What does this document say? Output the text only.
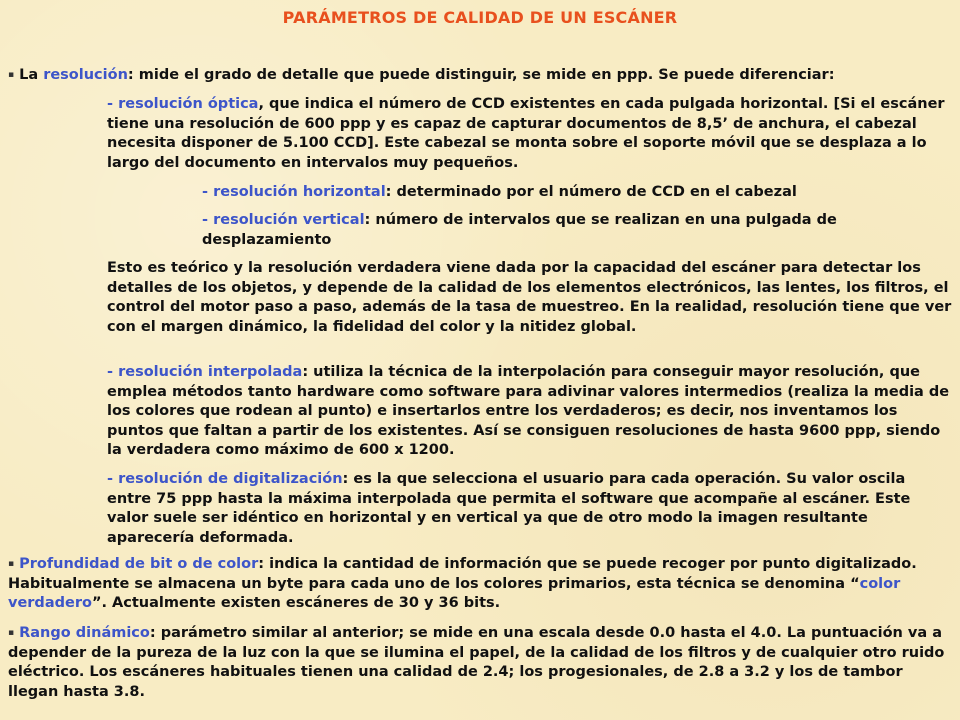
PARÁMETROS DE CALIDAD DE UN ESCÁNER
▪ La resolución: mide el grado de detalle que puede distinguir, se mide en ppp. Se puede diferenciar:
- resolución óptica, que indica el número de CCD existentes en cada pulgada horizontal. [Si el escáner tiene una resolución de 600 ppp y es capaz de capturar documentos de 8,5’ de anchura, el cabezal necesita disponer de 5.100 CCD]. Este cabezal se monta sobre el soporte móvil que se desplaza a lo largo del documento en intervalos muy pequeños.
- resolución horizontal: determinado por el número de CCD en el cabezal
- resolución vertical: número de intervalos que se realizan en una pulgada de desplazamiento
Esto es teórico y la resolución verdadera viene dada por la capacidad del escáner para detectar los detalles de los objetos, y depende de la calidad de los elementos electrónicos, las lentes, los filtros, el control del motor paso a paso, además de la tasa de muestreo. En la realidad, resolución tiene que ver con el margen dinámico, la fidelidad del color y la nitidez global.
- resolución interpolada: utiliza la técnica de la interpolación para conseguir mayor resolución, que emplea métodos tanto hardware como software para adivinar valores intermedios (realiza la media de los colores que rodean al punto) e insertarlos entre los verdaderos; es decir, nos inventamos los puntos que faltan a partir de los existentes. Así se consiguen resoluciones de hasta 9600 ppp, siendo la verdadera como máximo de 600 x 1200.
- resolución de digitalización: es la que selecciona el usuario para cada operación. Su valor oscila entre 75 ppp hasta la máxima interpolada que permita el software que acompañe al escáner. Este valor suele ser idéntico en horizontal y en vertical ya que de otro modo la imagen resultante aparecería deformada.
▪ Profundidad de bit o de color: indica la cantidad de información que se puede recoger por punto digitalizado. Habitualmente se almacena un byte para cada uno de los colores primarios, esta técnica se denomina “color verdadero”. Actualmente existen escáneres de 30 y 36 bits.
▪ Rango dinámico: parámetro similar al anterior; se mide en una escala desde 0.0 hasta el 4.0. La puntuación va a depender de la pureza de la luz con la que se ilumina el papel, de la calidad de los filtros y de cualquier otro ruido eléctrico. Los escáneres habituales tienen una calidad de 2.4; los progesionales, de 2.8 a 3.2 y los de tambor llegan hasta 3.8.
